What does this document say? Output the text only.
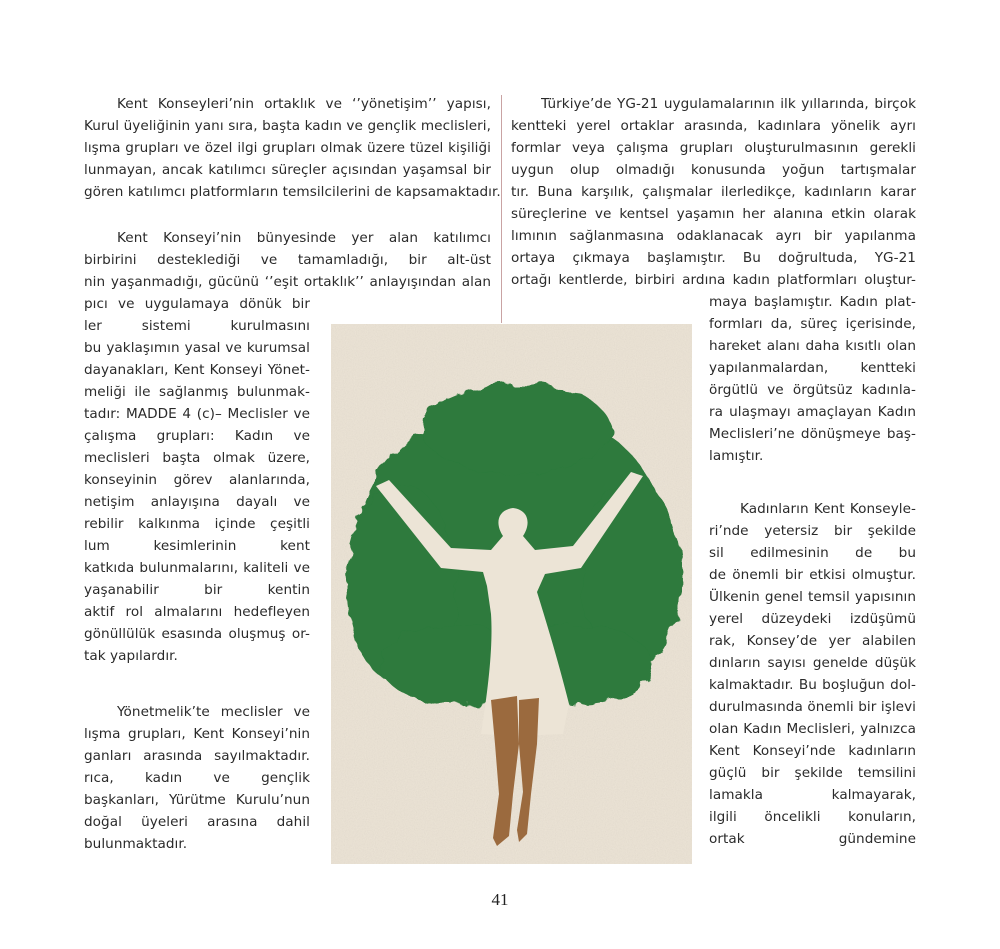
Kent Konseyleri’nin ortaklık ve ‘’yönetişim’’ yapısı,

Kurul üyeliğinin yanı sıra, başta kadın ve gençlik meclisleri,

lışma grupları ve özel ilgi grupları olmak üzere tüzel kişiliği

lunmayan, ancak katılımcı süreçler açısından yaşamsal bir

gören katılımcı platformların temsilcilerini de kapsamaktadır.

Kent Konseyi’nin bünyesinde yer alan katılımcı

birbirini desteklediği ve tamamladığı, bir alt-üst

nin yaşanmadığı, gücünü ‘’eşit ortaklık’’ anlayışından alan

pıcı ve uygulamaya dönük bir

ler sistemi kurulmasını

bu yaklaşımın yasal ve kurumsal

dayanakları, Kent Konseyi Yönet-

meliği ile sağlanmış bulunmak-

tadır: MADDE 4 (c)– Meclisler ve

çalışma grupları: Kadın ve

meclisleri başta olmak üzere,

konseyinin görev alanlarında,

netişim anlayışına dayalı ve

rebilir kalkınma içinde çeşitli

lum kesimlerinin kent

katkıda bulunmalarını, kaliteli ve

yaşanabilir bir kentin

aktif rol almalarını hedefleyen

gönüllülük esasında oluşmuş or-

tak yapılardır.

Yönetmelik’te meclisler ve

lışma grupları, Kent Konseyi’nin

ganları arasında sayılmaktadır.

rıca, kadın ve gençlik

başkanları, Yürütme Kurulu’nun

doğal üyeleri arasına dahil

bulunmaktadır.

Türkiye’de YG-21 uygulamalarının ilk yıllarında, birçok

kentteki yerel ortaklar arasında, kadınlara yönelik ayrı

formlar veya çalışma grupları oluşturulmasının gerekli

uygun olup olmadığı konusunda yoğun tartışmalar

tır. Buna karşılık, çalışmalar ilerledikçe, kadınların karar

süreçlerine ve kentsel yaşamın her alanına etkin olarak

lımının sağlanmasına odaklanacak ayrı bir yapılanma

ortaya çıkmaya başlamıştır. Bu doğrultuda, YG-21

ortağı kentlerde, birbiri ardına kadın platformları oluştur-

maya başlamıştır. Kadın plat-

formları da, süreç içerisinde,

hareket alanı daha kısıtlı olan

yapılanmalardan, kentteki

örgütlü ve örgütsüz kadınla-

ra ulaşmayı amaçlayan Kadın

Meclisleri’ne dönüşmeye baş-

lamıştır.

Kadınların Kent Konseyle-

ri’nde yetersiz bir şekilde

sil edilmesinin de bu

de önemli bir etkisi olmuştur.

Ülkenin genel temsil yapısının

yerel düzeydeki izdüşümü

rak, Konsey’de yer alabilen

dınların sayısı genelde düşük

kalmaktadır. Bu boşluğun dol-

durulmasında önemli bir işlevi

olan Kadın Meclisleri, yalnızca

Kent Konseyi’nde kadınların

güçlü bir şekilde temsilini

lamakla kalmayarak,

ilgili öncelikli konuların,

ortak gündemine

41
